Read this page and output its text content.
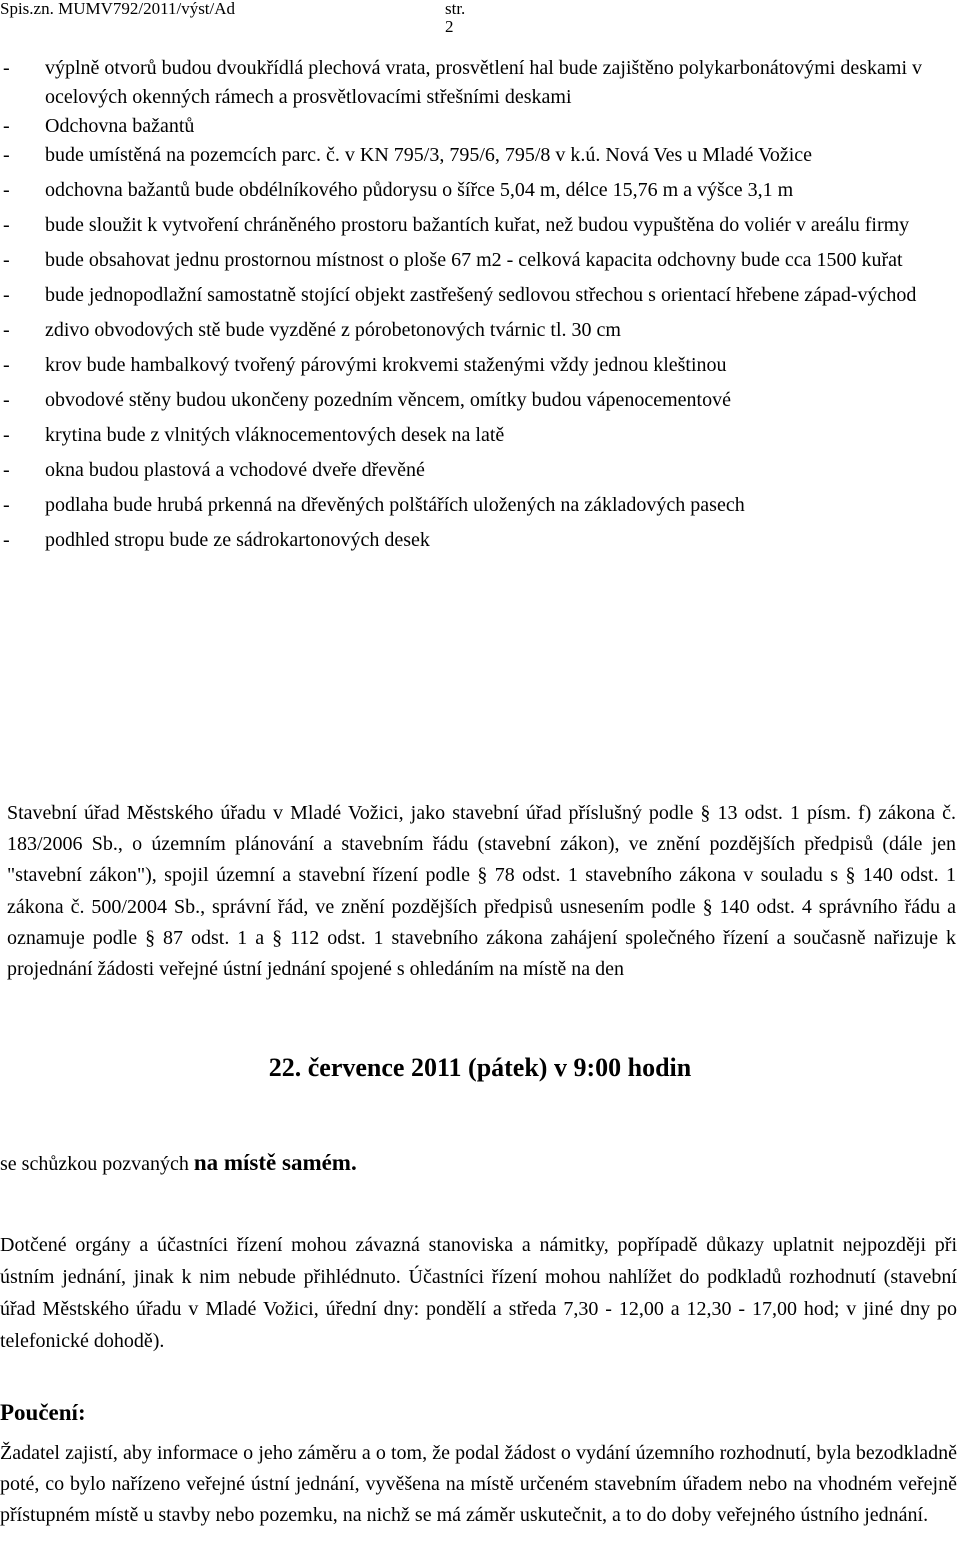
Spis.zn. MUMV792/2011/výst/Ad	str. 2
- výplně otvorů budou dvoukřídlá plechová vrata, prosvětlení hal bude zajištěno polykarbonátovými deskami v ocelových okenných rámech a prosvětlovacími střešními deskami
- Odchovna bažantů
- bude umístěná na pozemcích parc. č. v KN 795/3, 795/6, 795/8 v k.ú. Nová Ves u Mladé Vožice
- odchovna bažantů bude obdélníkového půdorysu o šířce 5,04 m, délce 15,76 m a výšce 3,1 m
- bude sloužit k vytvoření chráněného prostoru bažantích kuřat, než budou vypuštěna do voliér v areálu firmy
- bude obsahovat jednu prostornou místnost o ploše 67 m2 - celková kapacita odchovny bude cca 1500 kuřat
- bude jednopodlažní samostatně stojící objekt zastřešený sedlovou střechou s orientací hřebene západ-východ
- zdivo obvodových stě bude vyzděné z pórobetonových tvárnic tl. 30 cm
- krov bude hambalkový tvořený párovými krokvemi staženými vždy jednou kleštinou
- obvodové stěny budou ukončeny pozedním věncem, omítky budou vápenocementové
- krytina bude z vlnitých vláknocementových desek na latě
- okna budou plastová a vchodové dveře dřevěné
- podlaha bude hrubá prkenná na dřevěných polštářích uložených na základových pasech
- podhled stropu bude ze sádrokartonových desek

Stavební úřad Městského úřadu v Mladé Vožici, jako stavební úřad příslušný podle § 13 odst. 1 písm. f) zákona č. 183/2006 Sb., o územním plánování a stavebním řádu (stavební zákon), ve znění pozdějších předpisů (dále jen "stavební zákon"), spojil územní a stavební řízení podle § 78 odst. 1 stavebního zákona v souladu s § 140 odst. 1 zákona č. 500/2004 Sb., správní řád, ve znění pozdějších předpisů usnesením podle § 140 odst. 4 správního řádu a oznamuje podle § 87 odst. 1 a § 112 odst. 1 stavebního zákona zahájení společného řízení a současně nařizuje k projednání žádosti veřejné ústní jednání spojené s ohledáním na místě na den

22. července 2011 (pátek) v 9:00 hodin
se schůzkou pozvaných na místě samém.

Dotčené orgány a účastníci řízení mohou závazná stanoviska a námitky, popřípadě důkazy uplatnit nejpozději při ústním jednání, jinak k nim nebude přihlédnuto. Účastníci řízení mohou nahlížet do podkladů rozhodnutí (stavební úřad Městského úřadu v Mladé Vožici, úřední dny: pondělí a středa 7,30 - 12,00 a 12,30 - 17,00 hod; v jiné dny po telefonické dohodě).

Poučení:

Žadatel zajistí, aby informace o jeho záměru a o tom, že podal žádost o vydání územního rozhodnutí, byla bezodkladně poté, co bylo nařízeno veřejné ústní jednání, vyvěšena na místě určeném stavebním úřadem nebo na vhodném veřejně přístupném místě u stavby nebo pozemku, na nichž se má záměr uskutečnit, a to do doby veřejného ústního jednání.
